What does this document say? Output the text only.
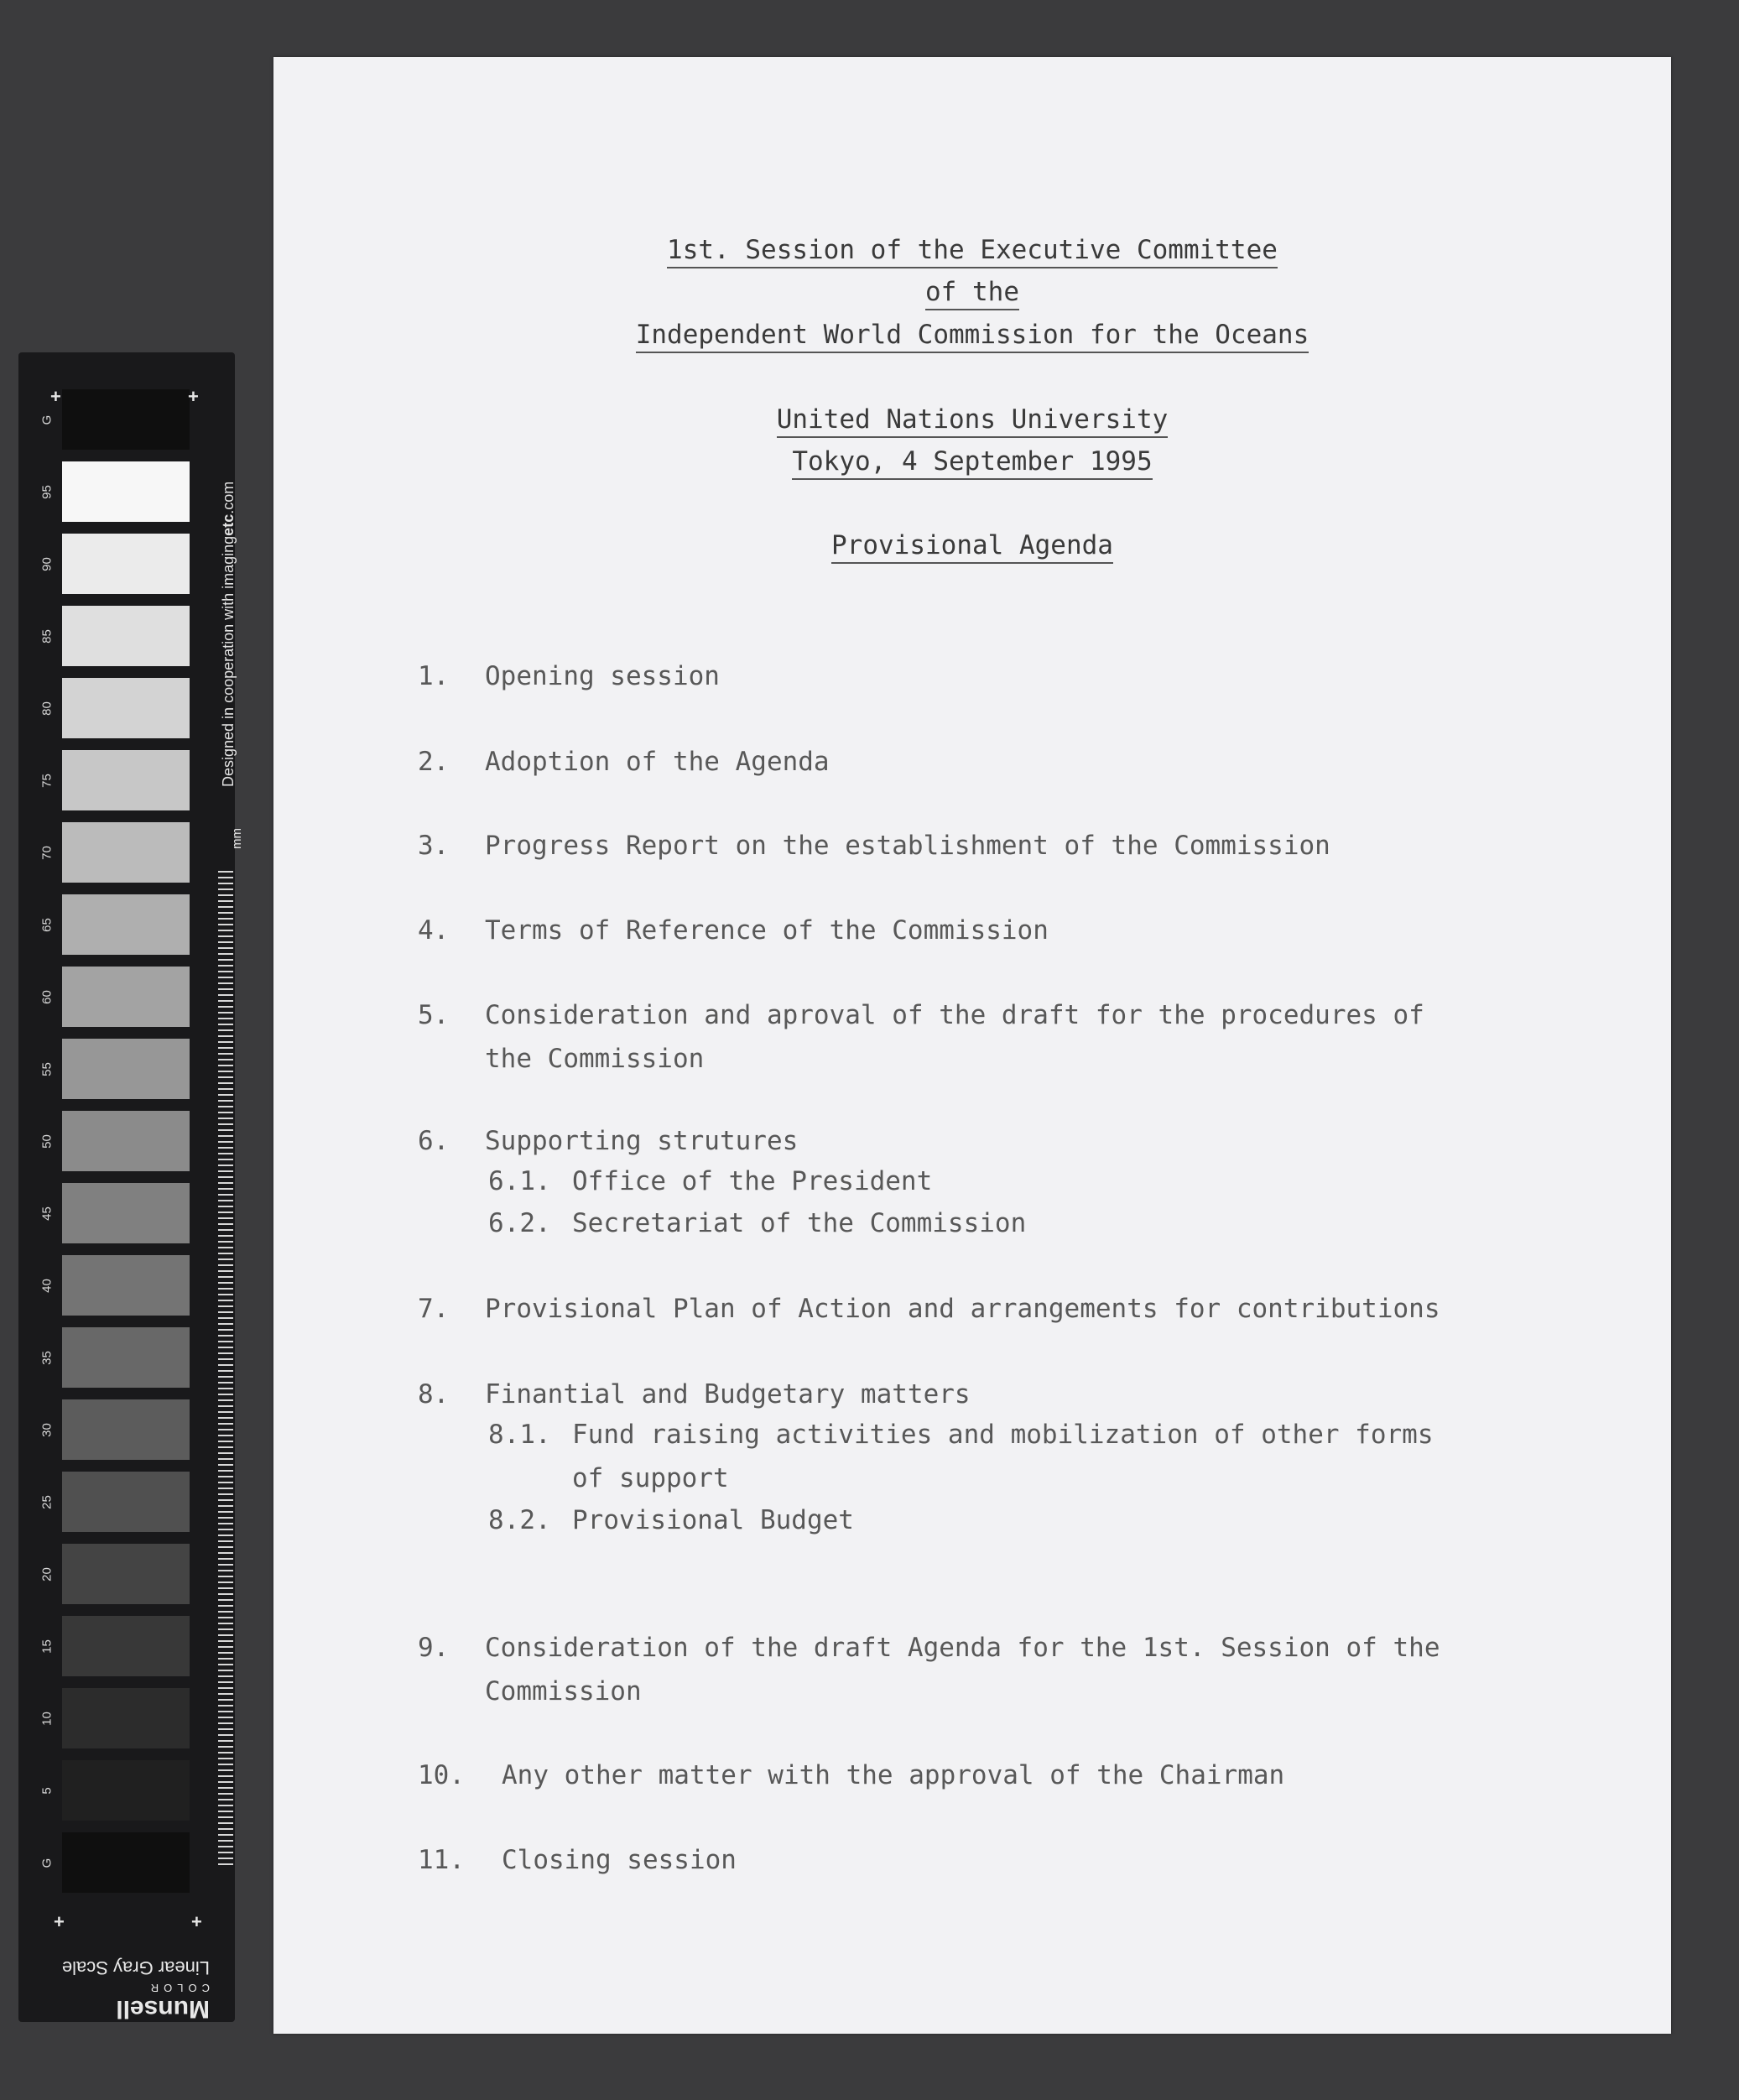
+	+
+	+
Designed in cooperation with imagingetc.com
mm
Munsell
COLOR
Linear Gray Scale
G
95
90
85
80
75
70
65
60
55
50
45
40
35
30
25
20
15
10
5
G
1st. Session of the Executive Committee
of the
Independent World Commission for the Oceans
United Nations University
Tokyo, 4 September 1995
Provisional Agenda
1. Opening session
2. Adoption of the Agenda
3. Progress Report on the establishment of the Commission
4. Terms of Reference of the Commission
5. Consideration and aproval of the draft for the procedures of
the Commission
6. Supporting strutures
6.1. Office of the President
6.2. Secretariat of the Commission
7. Provisional Plan of Action and arrangements for contributions
8. Finantial and Budgetary matters
8.1. Fund raising activities and mobilization of other forms
of support
8.2. Provisional Budget
9. Consideration of the draft Agenda for the 1st. Session of the
Commission
10. Any other matter with the approval of the Chairman
11. Closing session
